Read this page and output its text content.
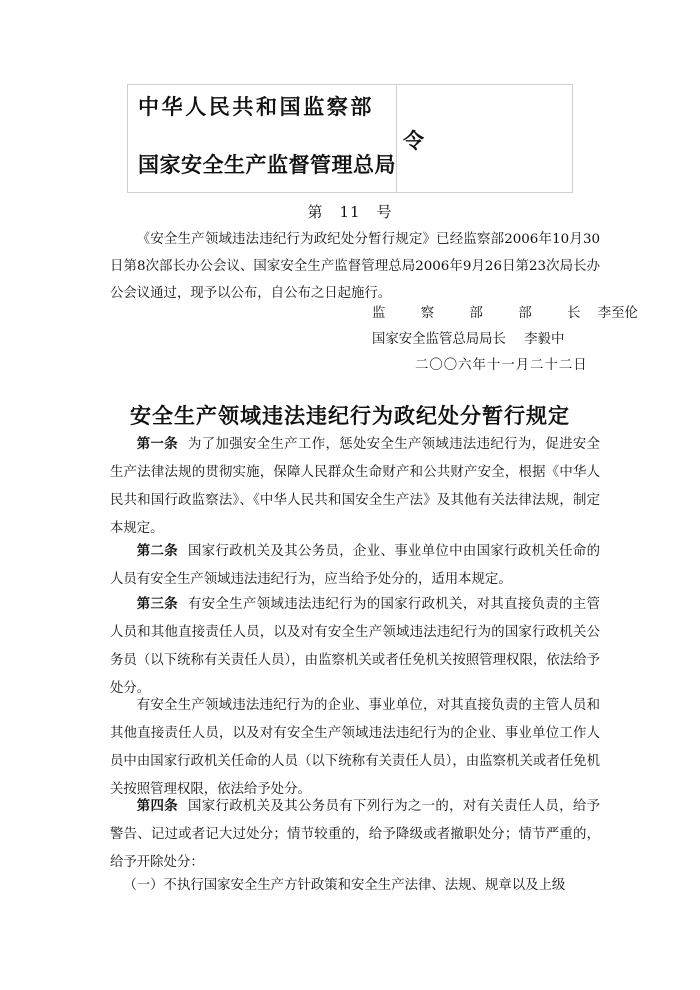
中华人民共和国监察部
国家安全生产监督管理总局
令
第　11　号
《安全生产领域违法违纪行为政纪处分暂行规定》已经监察部2006年10月30日第8次部长办公会议、国家安全生产监督管理总局2006年9月26日第23次局长办公会议通过，现予以公布，自公布之日起施行。
监　察　部　部　长 李至伦
国家安全监管总局局长 李毅中
二〇〇六年十一月二十二日
安全生产领域违法违纪行为政纪处分暂行规定
第一条 为了加强安全生产工作，惩处安全生产领域违法违纪行为，促进安全生产法律法规的贯彻实施，保障人民群众生命财产和公共财产安全，根据《中华人民共和国行政监察法》、《中华人民共和国安全生产法》及其他有关法律法规，制定本规定。
第二条 国家行政机关及其公务员，企业、事业单位中由国家行政机关任命的人员有安全生产领域违法违纪行为，应当给予处分的，适用本规定。
第三条 有安全生产领域违法违纪行为的国家行政机关，对其直接负责的主管人员和其他直接责任人员，以及对有安全生产领域违法违纪行为的国家行政机关公务员（以下统称有关责任人员），由监察机关或者任免机关按照管理权限，依法给予处分。
有安全生产领域违法违纪行为的企业、事业单位，对其直接负责的主管人员和其他直接责任人员，以及对有安全生产领域违法违纪行为的企业、事业单位工作人员中由国家行政机关任命的人员（以下统称有关责任人员），由监察机关或者任免机关按照管理权限，依法给予处分。
第四条 国家行政机关及其公务员有下列行为之一的，对有关责任人员，给予警告、记过或者记大过处分；情节较重的，给予降级或者撤职处分；情节严重的，给予开除处分：
（一）不执行国家安全生产方针政策和安全生产法律、法规、规章以及上级
